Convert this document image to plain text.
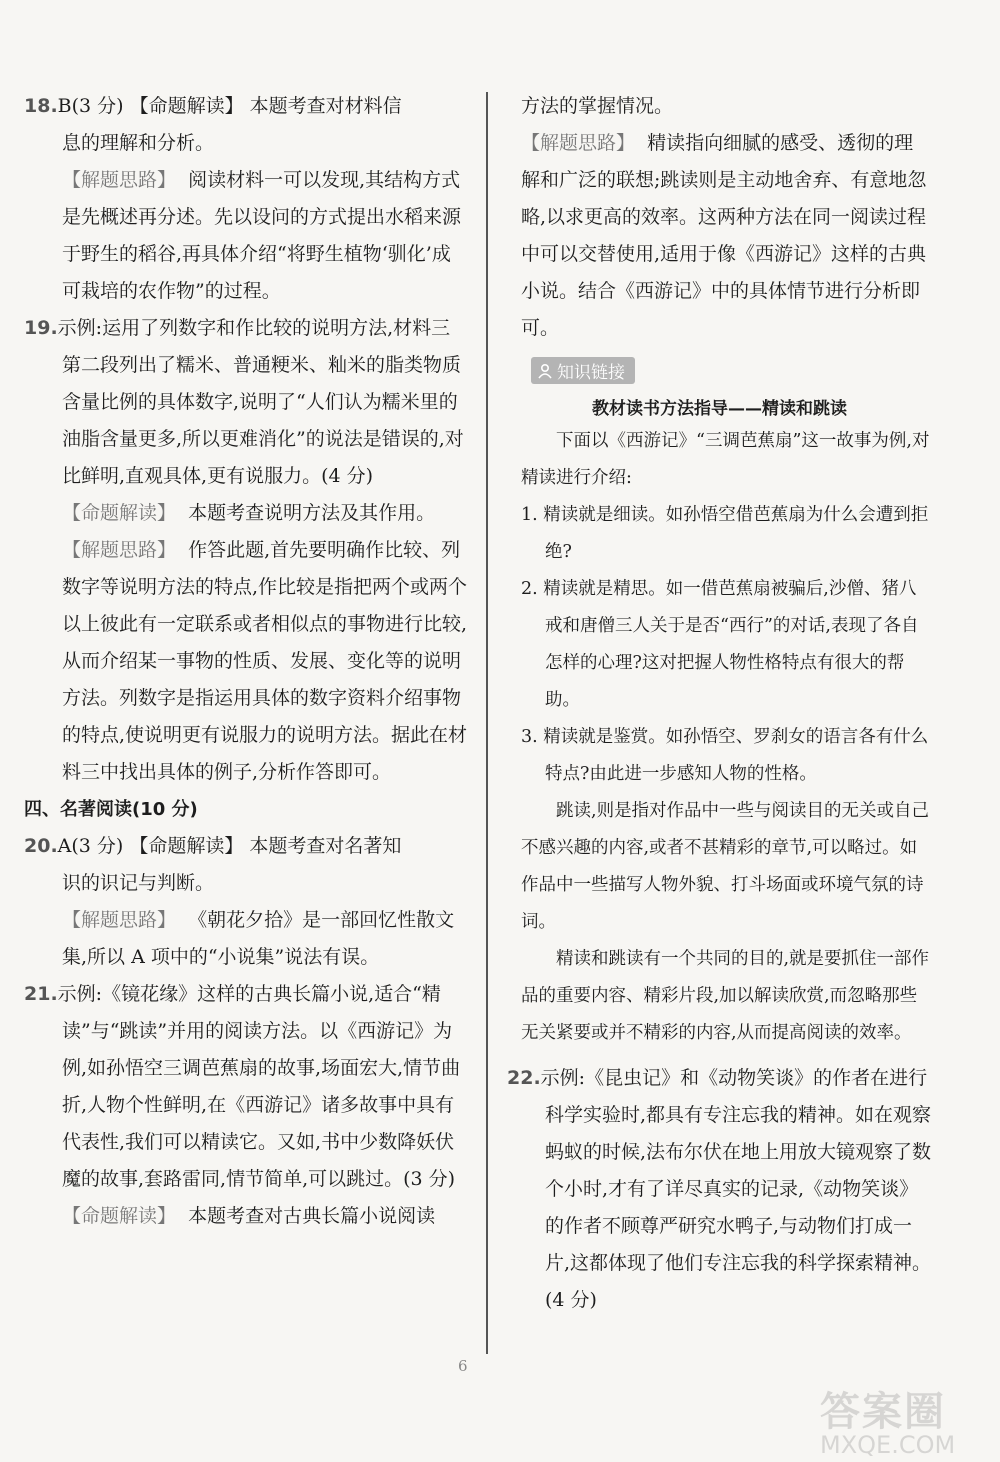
18.B(3 分) 【命题解读】 本题考查对材料信
息的理解和分析。
【解题思路】 阅读材料一可以发现,其结构方式是先概述再分述。先以设问的方式提出水稻来源于野生的稻谷,再具体介绍“将野生植物‘驯化’成可栽培的农作物”的过程。
19.示例:运用了列数字和作比较的说明方法,材料三第二段列出了糯米、普通粳米、籼米的脂类物质含量比例的具体数字,说明了“人们认为糯米里的油脂含量更多,所以更难消化”的说法是错误的,对比鲜明,直观具体,更有说服力。(4 分)
【命题解读】 本题考查说明方法及其作用。
【解题思路】 作答此题,首先要明确作比较、列数字等说明方法的特点,作比较是指把两个或两个以上彼此有一定联系或者相似点的事物进行比较,从而介绍某一事物的性质、发展、变化等的说明方法。列数字是指运用具体的数字资料介绍事物的特点,使说明更有说服力的说明方法。据此在材料三中找出具体的例子,分析作答即可。
四、名著阅读(10 分)
20.A(3 分) 【命题解读】 本题考查对名著知
识的识记与判断。
【解题思路】 《朝花夕拾》是一部回忆性散文集,所以 A 项中的“小说集”说法有误。
21.示例:《镜花缘》这样的古典长篇小说,适合“精读”与“跳读”并用的阅读方法。以《西游记》为例,如孙悟空三调芭蕉扇的故事,场面宏大,情节曲折,人物个性鲜明,在《西游记》诸多故事中具有代表性,我们可以精读它。又如,书中少数降妖伏魔的故事,套路雷同,情节简单,可以跳过。(3 分)
【命题解读】 本题考查对古典长篇小说阅读
方法的掌握情况。
【解题思路】 精读指向细腻的感受、透彻的理解和广泛的联想;跳读则是主动地舍弃、有意地忽略,以求更高的效率。这两种方法在同一阅读过程中可以交替使用,适用于像《西游记》这样的古典小说。结合《西游记》中的具体情节进行分析即可。
知识链接
教材读书方法指导——精读和跳读
下面以《西游记》“三调芭蕉扇”这一故事为例,对精读进行介绍:
1. 精读就是细读。如孙悟空借芭蕉扇为什么会遭到拒绝?
2. 精读就是精思。如一借芭蕉扇被骗后,沙僧、猪八戒和唐僧三人关于是否“西行”的对话,表现了各自怎样的心理?这对把握人物性格特点有很大的帮助。
3. 精读就是鉴赏。如孙悟空、罗刹女的语言各有什么特点?由此进一步感知人物的性格。
跳读,则是指对作品中一些与阅读目的无关或自己不感兴趣的内容,或者不甚精彩的章节,可以略过。如作品中一些描写人物外貌、打斗场面或环境气氛的诗词。
精读和跳读有一个共同的目的,就是要抓住一部作品的重要内容、精彩片段,加以解读欣赏,而忽略那些无关紧要或并不精彩的内容,从而提高阅读的效率。
22.示例:《昆虫记》和《动物笑谈》的作者在进行科学实验时,都具有专注忘我的精神。如在观察蚂蚁的时候,法布尔伏在地上用放大镜观察了数个小时,才有了详尽真实的记录,《动物笑谈》的作者不顾尊严研究水鸭子,与动物们打成一片,这都体现了他们专注忘我的科学探索精神。(4 分)
6
答案圈
MXQE.COM
